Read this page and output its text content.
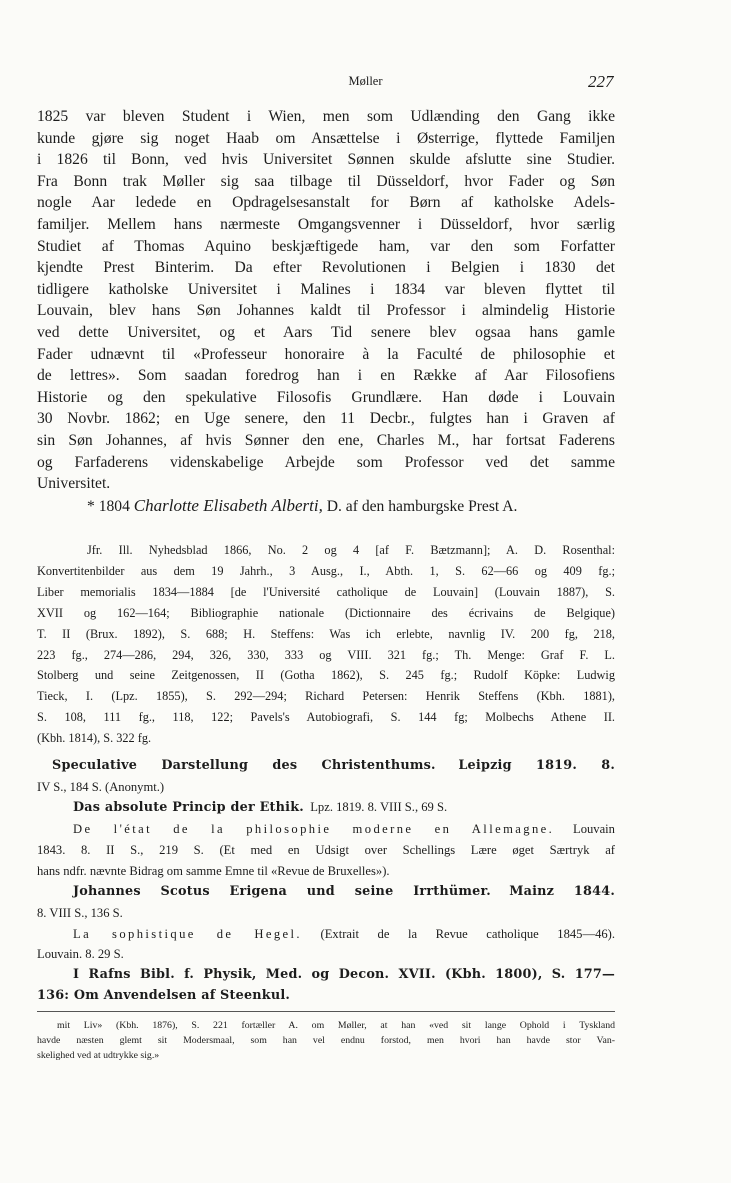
Møller	227
1825 var bleven Student i Wien, men som Udlænding den Gang ikke
kunde gjøre sig noget Haab om Ansættelse i Østerrige, flyttede Familjen
i 1826 til Bonn, ved hvis Universitet Sønnen skulde afslutte sine Studier.
Fra Bonn trak Møller sig saa tilbage til Düsseldorf, hvor Fader og Søn
nogle Aar ledede en Opdragelsesanstalt for Børn af katholske Adels-
familjer. Mellem hans nærmeste Omgangsvenner i Düsseldorf, hvor særlig
Studiet af Thomas Aquino beskjæftigede ham, var den som Forfatter
kjendte Prest Binterim. Da efter Revolutionen i Belgien i 1830 det
tidligere katholske Universitet i Malines i 1834 var bleven flyttet til
Louvain, blev hans Søn Johannes kaldt til Professor i almindelig Historie
ved dette Universitet, og et Aars Tid senere blev ogsaa hans gamle
Fader udnævnt til «Professeur honoraire à la Faculté de philosophie et
de lettres». Som saadan foredrog han i en Række af Aar Filosofiens
Historie og den spekulative Filosofis Grundlære. Han døde i Louvain
30 Novbr. 1862; en Uge senere, den 11 Decbr., fulgtes han i Graven af
sin Søn Johannes, af hvis Sønner den ene, Charles M., har fortsat Faderens
og Farfaderens videnskabelige Arbejde som Professor ved det samme
Universitet.
* 1804 Charlotte Elisabeth Alberti, D. af den hamburgske Prest A.
Jfr. Ill. Nyhedsblad 1866, No. 2 og 4 [af F. Bætzmann]; A. D. Rosenthal:
Konvertitenbilder aus dem 19 Jahrh., 3 Ausg., I., Abth. 1, S. 62—66 og 409 fg.;
Liber memorialis 1834—1884 [de l'Université catholique de Louvain] (Louvain 1887), S.
XVII og 162—164; Bibliographie nationale (Dictionnaire des écrivains de Belgique)
T. II (Brux. 1892), S. 688; H. Steffens: Was ich erlebte, navnlig IV. 200 fg, 218,
223 fg., 274—286, 294, 326, 330, 333 og VIII. 321 fg.; Th. Menge: Graf F. L.
Stolberg und seine Zeitgenossen, II (Gotha 1862), S. 245 fg.; Rudolf Köpke: Ludwig
Tieck, I. (Lpz. 1855), S. 292—294; Richard Petersen: Henrik Steffens (Kbh. 1881),
S. 108, 111 fg., 118, 122; Pavels's Autobiografi, S. 144 fg; Molbechs Athene II.
(Kbh. 1814), S. 322 fg.
Speculative Darstellung des Christenthums. Leipzig 1819. 8.
IV S., 184 S. (Anonymt.)
Das absolute Princip der Ethik. Lpz. 1819. 8. VIII S., 69 S.
De l'état de la philosophie moderne en Allemagne. Louvain
1843. 8. II S., 219 S. (Et med en Udsigt over Schellings Lære øget Særtryk af
hans ndfr. nævnte Bidrag om samme Emne til «Revue de Bruxelles»).
Johannes Scotus Erigena und seine Irrthümer. Mainz 1844.
8. VIII S., 136 S.
La sophistique de Hegel. (Extrait de la Revue catholique 1845—46).
Louvain. 8. 29 S.
I Rafns Bibl. f. Physik, Med. og Decon. XVII. (Kbh. 1800), S. 177—
136: Om Anvendelsen af Steenkul.
mit Liv» (Kbh. 1876), S. 221 fortæller A. om Møller, at han «ved sit lange Ophold i Tyskland
havde næsten glemt sit Modersmaal, som han vel endnu forstod, men hvori han havde stor Van-
skelighed ved at udtrykke sig.»
